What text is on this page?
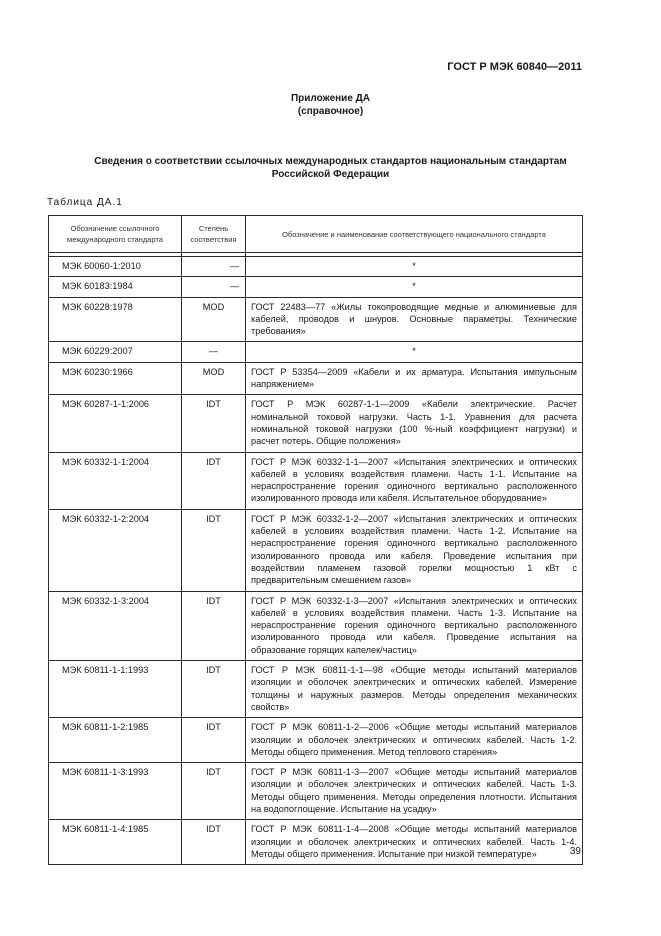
ГОСТ Р МЭК 60840—2011
Приложение ДА
(справочное)
Сведения о соответствии ссылочных международных стандартов национальным стандартам
Российской Федерации
Таблица ДА.1
Обозначение ссылочного международного стандарта	Степень соответствия	Обозначение и наименование соответствующего национального стандарта

МЭК 60060-1:2010	—	*
МЭК 60183:1984	—	*
МЭК 60228:1978	MOD	ГОСТ 22483—77 «Жилы токопроводящие медные и алюминиевые для кабелей, проводов и шнуров. Основные параметры. Технические требования»
МЭК 60229:2007	—	*
МЭК 60230:1966	MOD	ГОСТ Р 53354—2009 «Кабели и их арматура. Испытания импульсным напряжением»
МЭК 60287-1-1:2006	IDT	ГОСТ Р МЭК 60287-1-1—2009 «Кабели электрические. Расчет номинальной токовой нагрузки. Часть 1-1. Уравнения для расчета номинальной токовой нагрузки (100 %-ный коэффициент нагрузки) и расчет потерь. Общие положения»
МЭК 60332-1-1:2004	IDT	ГОСТ Р МЭК 60332-1-1—2007 «Испытания электрических и оптических кабелей в условиях воздействия пламени. Часть 1-1. Испытание на нераспространение горения одиночного вертикально расположенного изолированного провода или кабеля. Испытательное оборудование»
МЭК 60332-1-2:2004	IDT	ГОСТ Р МЭК 60332-1-2—2007 «Испытания электрических и оптических кабелей в условиях воздействия пламени. Часть 1-2. Испытание на нераспространение горения одиночного вертикально расположенного изолированного провода или кабеля. Проведение испытания при воздействии пламенем газовой горелки мощностью 1 кВт с предварительным смешением газов»
МЭК 60332-1-3:2004	IDT	ГОСТ Р МЭК 60332-1-3—2007 «Испытания электрических и оптических кабелей в условиях воздействия пламени. Часть 1-3. Испытание на нераспространение горения одиночного вертикально расположенного изолированного провода или кабеля. Проведение испытания на образование горящих капелек/частиц»
МЭК 60811-1-1:1993	IDT	ГОСТ Р МЭК 60811-1-1—98 «Общие методы испытаний материалов изоляции и оболочек электрических и оптических кабелей. Измерение толщины и наружных размеров. Методы определения механических свойств»
МЭК 60811-1-2:1985	IDT	ГОСТ Р МЭК 60811-1-2—2006 «Общие методы испытаний материалов изоляции и оболочек электрических и оптических кабелей. Часть 1-2. Методы общего применения. Метод теплового старения»
МЭК 60811-1-3:1993	IDT	ГОСТ Р МЭК 60811-1-3—2007 «Общие методы испытаний материалов изоляции и оболочек электрических и оптических кабелей. Часть 1-3. Методы общего применения. Методы определения плотности. Испытания на водопоглощение. Испытание на усадку»
МЭК 60811-1-4:1985	IDT	ГОСТ Р МЭК 60811-1-4—2008 «Общие методы испытаний материалов изоляции и оболочек электрических и оптических кабелей. Часть 1-4. Методы общего применения. Испытание при низкой температуре»	39
